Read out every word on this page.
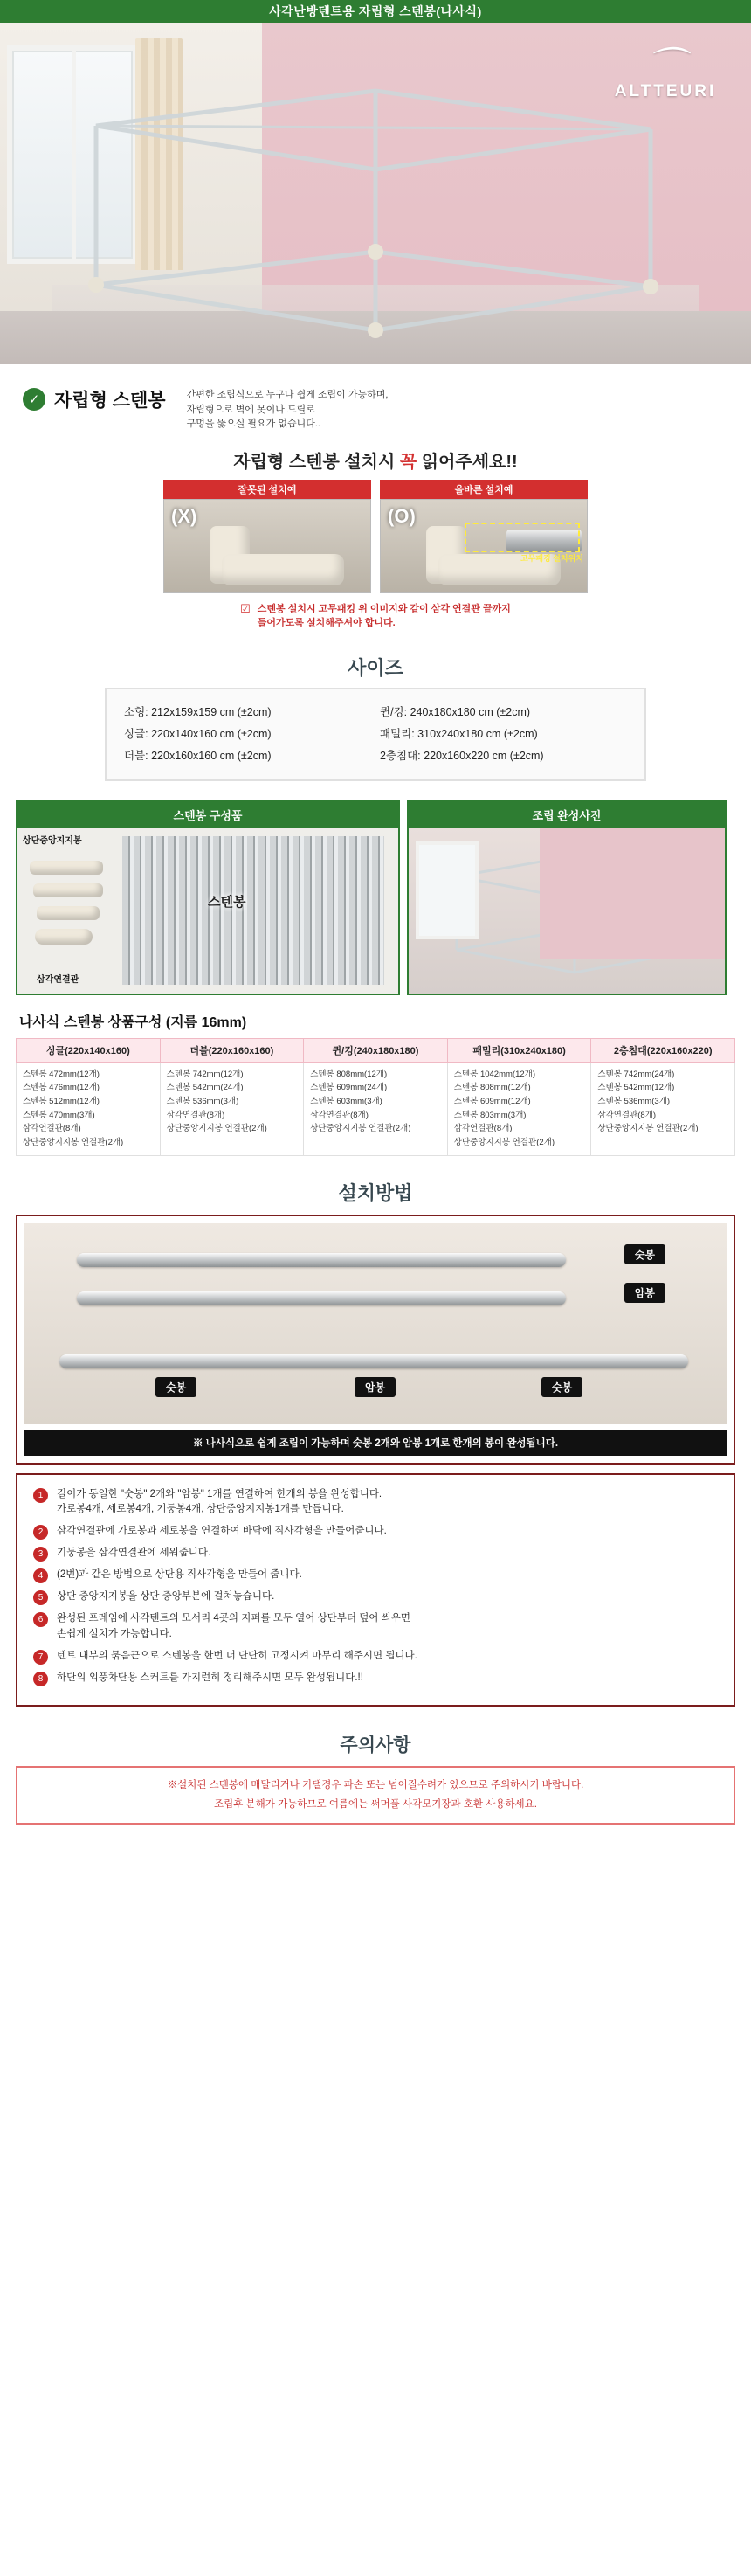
사각난방텐트용 자립형 스텐봉(나사식)
⌒
ALTTEURI
✓ 자립형 스텐봉 간편한 조립식으로 누구나 쉽게 조립이 가능하며,
자립형으로 벽에 못이나 드릴로
구멍을 뚫으실 필요가 없습니다..
자립형 스텐봉 설치시 꼭 읽어주세요!!
잘못된 설치예
(X)
올바른 설치예
(O)
고무패킹 설치위치
☑ 스텐봉 설치시 고무패킹 위 이미지와 같이 삼각 연결관 끝까지
들어가도록 설치해주셔야 합니다.
사이즈
소형: 212x159x159 cm (±2cm)
싱글: 220x140x160 cm (±2cm)
더블: 220x160x160 cm (±2cm)
퀸/킹: 240x180x180 cm (±2cm)
패밀리: 310x240x180 cm (±2cm)
2층침대: 220x160x220 cm (±2cm)
스텐봉 구성품
상단중앙지지봉
스텐봉
삼각연결관
조립 완성사진
나사식 스텐봉 상품구성 (지름 16mm)
싱글(220x140x160)	더블(220x160x160)	퀸/킹(240x180x180)	패밀리(310x240x180)	2층침대(220x160x220)

스텐봉 472mm(12개)
스텐봉 476mm(12개)
스텐봉 512mm(12개)
스텐봉 470mm(3개)
삼각연결관(8개)
상단중앙지지봉 연결관(2개)

스텐봉 742mm(12개)
스텐봉 542mm(24개)
스텐봉 536mm(3개)
삼각연결관(8개)
상단중앙지지봉 연결관(2개)

스텐봉 808mm(12개)
스텐봉 609mm(24개)
스텐봉 603mm(3개)
삼각연결관(8개)
상단중앙지지봉 연결관(2개)

스텐봉 1042mm(12개)
스텐봉 808mm(12개)
스텐봉 609mm(12개)
스텐봉 803mm(3개)
삼각연결관(8개)
상단중앙지지봉 연결관(2개)

스텐봉 742mm(24개)
스텐봉 542mm(12개)
스텐봉 536mm(3개)
삼각연결관(8개)
상단중앙지지봉 연결관(2개)
설치방법
숫봉
암봉
숫봉	암봉	숫봉
※ 나사식으로 쉽게 조립이 가능하며 숫봉 2개와 암봉 1개로 한개의 봉이 완성됩니다.
1	길이가 동일한 "숫봉" 2개와 "암봉" 1개를 연결하여 한개의 봉을 완성합니다.
가로봉4개, 세로봉4개, 기둥봉4개, 상단중앙지지봉1개를 만듭니다.
2	삼각연결관에 가로봉과 세로봉을 연결하여 바닥에 직사각형을 만들어줍니다.
3	기둥봉을 삼각연결관에 세워줍니다.
4	(2번)과 같은 방법으로 상단용 직사각형을 만들어 줍니다.
5	상단 중앙지지봉을 상단 중앙부분에 걸쳐놓습니다.
6	완성된 프레임에 사각텐트의 모서리 4곳의 지퍼를 모두 열어 상단부터 덮어 씌우면
손쉽게 설치가 가능합니다.
7	텐트 내부의 묶음끈으로 스텐봉을 한번 더 단단히 고정시켜 마무리 해주시면 됩니다.
8	하단의 외풍차단용 스커트를 가지런히 정리해주시면 모두 완성됩니다.!!
주의사항
※설치된 스텐봉에 매달리거나 기댈경우 파손 또는 넘어질수려가 있으므로 주의하시기 바랍니다.
조립후 분해가 가능하므로 여름에는 써머풀 사각모기장과 호환 사용하세요.
